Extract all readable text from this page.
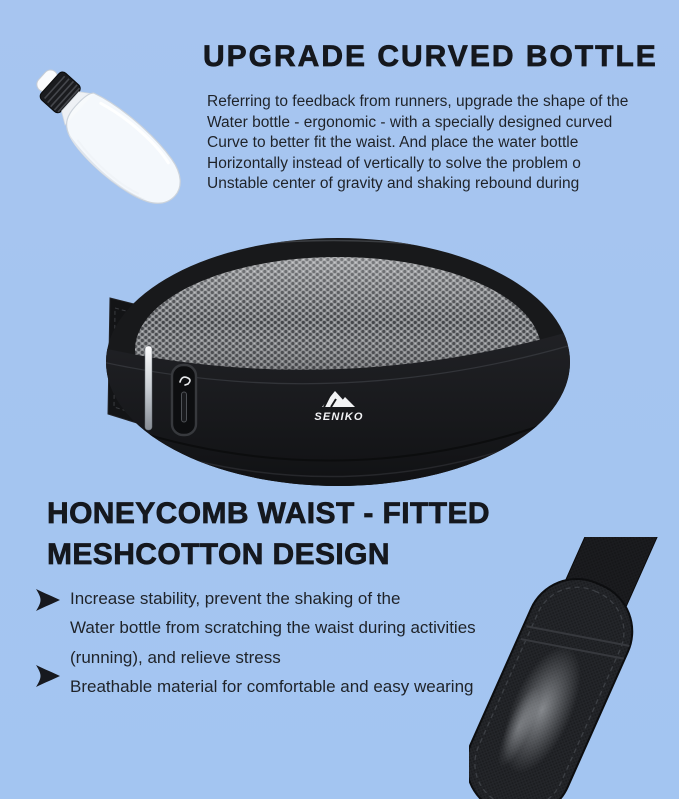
UPGRADE CURVED BOTTLE
Referring to feedback from runners, upgrade the shape of the
Water bottle - ergonomic - with a specially designed curved
Curve to better fit the waist. And place the water bottle
Horizontally instead of vertically to solve the problem o
Unstable center of gravity and shaking rebound during
SENIKO
HONEYCOMB WAIST - FITTED
MESHCOTTON DESIGN
Increase stability, prevent the shaking of the
Water bottle from scratching the waist during activities
(running), and relieve stress
Breathable material for comfortable and easy wearing
